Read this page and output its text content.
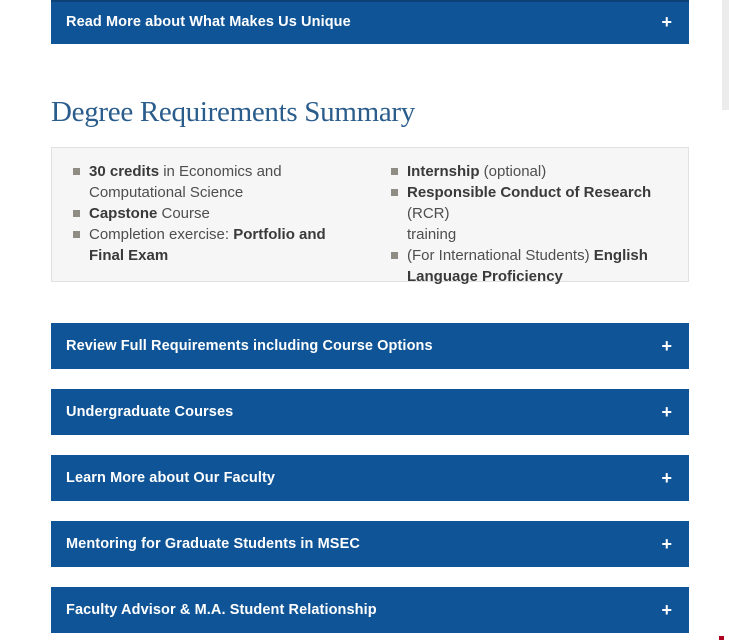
Read More about What Makes Us Unique	+
Degree Requirements Summary
30 credits in Economics and
Computational Science
Capstone Course
Completion exercise: Portfolio and
Final Exam
Internship (optional)
Responsible Conduct of Research (RCR)
training
(For International Students) English
Language Proficiency
Review Full Requirements including Course Options	+
Undergraduate Courses	+
Learn More about Our Faculty	+
Mentoring for Graduate Students in MSEC	+
Faculty Advisor & M.A. Student Relationship	+
